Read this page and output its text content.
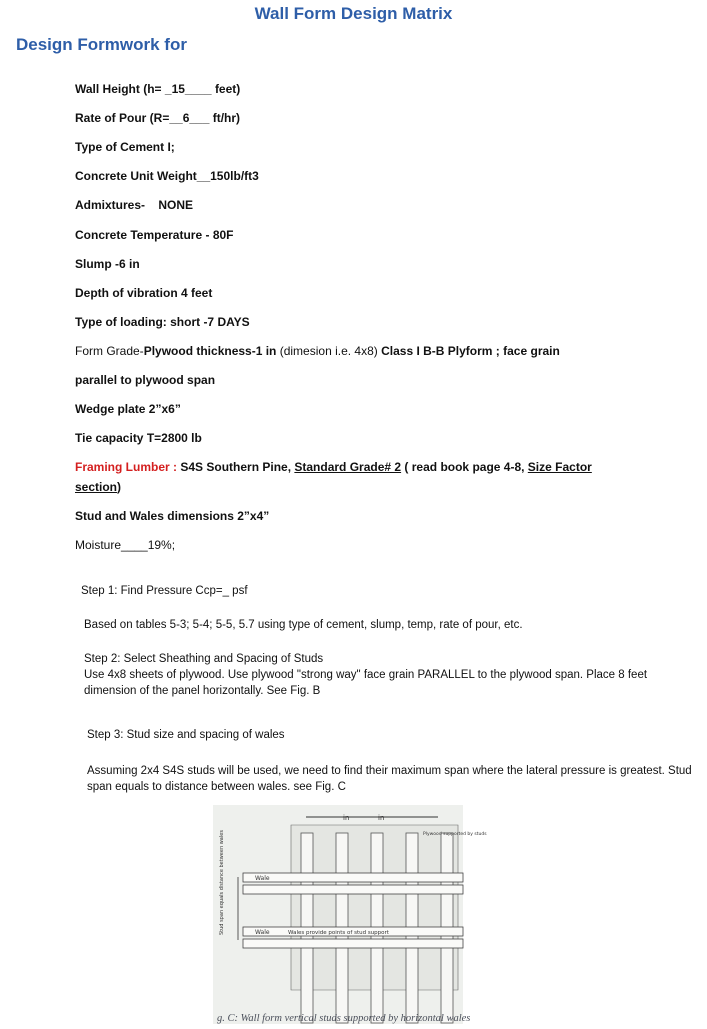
Wall Form Design Matrix
Design Formwork for
Wall Height (h= _15____ feet)
Rate of Pour (R=__6___ ft/hr)
Type of Cement I;
Concrete Unit Weight__150lb/ft3
Admixtures- NONE
Concrete Temperature - 80F
Slump -6 in
Depth of vibration 4 feet
Type of loading: short -7 DAYS
Form Grade-Plywood thickness-1 in (dimesion i.e. 4x8) Class I B-B Plyform ; face grain
parallel to plywood span
Wedge plate 2”x6”
Tie capacity T=2800 lb
Framing Lumber : S4S Southern Pine, Standard Grade# 2 ( read book page 4-8, Size Factor
section)
Stud and Wales dimensions 2”x4”
Moisture____19%;
Step 1: Find Pressure Ccp=_ psf
Based on tables 5-3; 5-4; 5-5, 5.7 using type of cement, slump, temp, rate of pour, etc.
Step 2: Select Sheathing and Spacing of Studs
Use 4x8 sheets of plywood. Use plywood "strong way" face grain PARALLEL to the plywood span. Place 8 feet dimension of the panel horizontally. See Fig. B
Step 3: Stud size and spacing of wales
Assuming 2x4 S4S studs will be used, we need to find their maximum span where the lateral pressure is greatest. Stud span equals to distance between wales. see Fig. C
in	in
Wale
Wale	Wales provide points of stud support
Plywood supported by studs
Stud span equals distance between wales
g. C: Wall form vertical studs supported by horizontal wales
